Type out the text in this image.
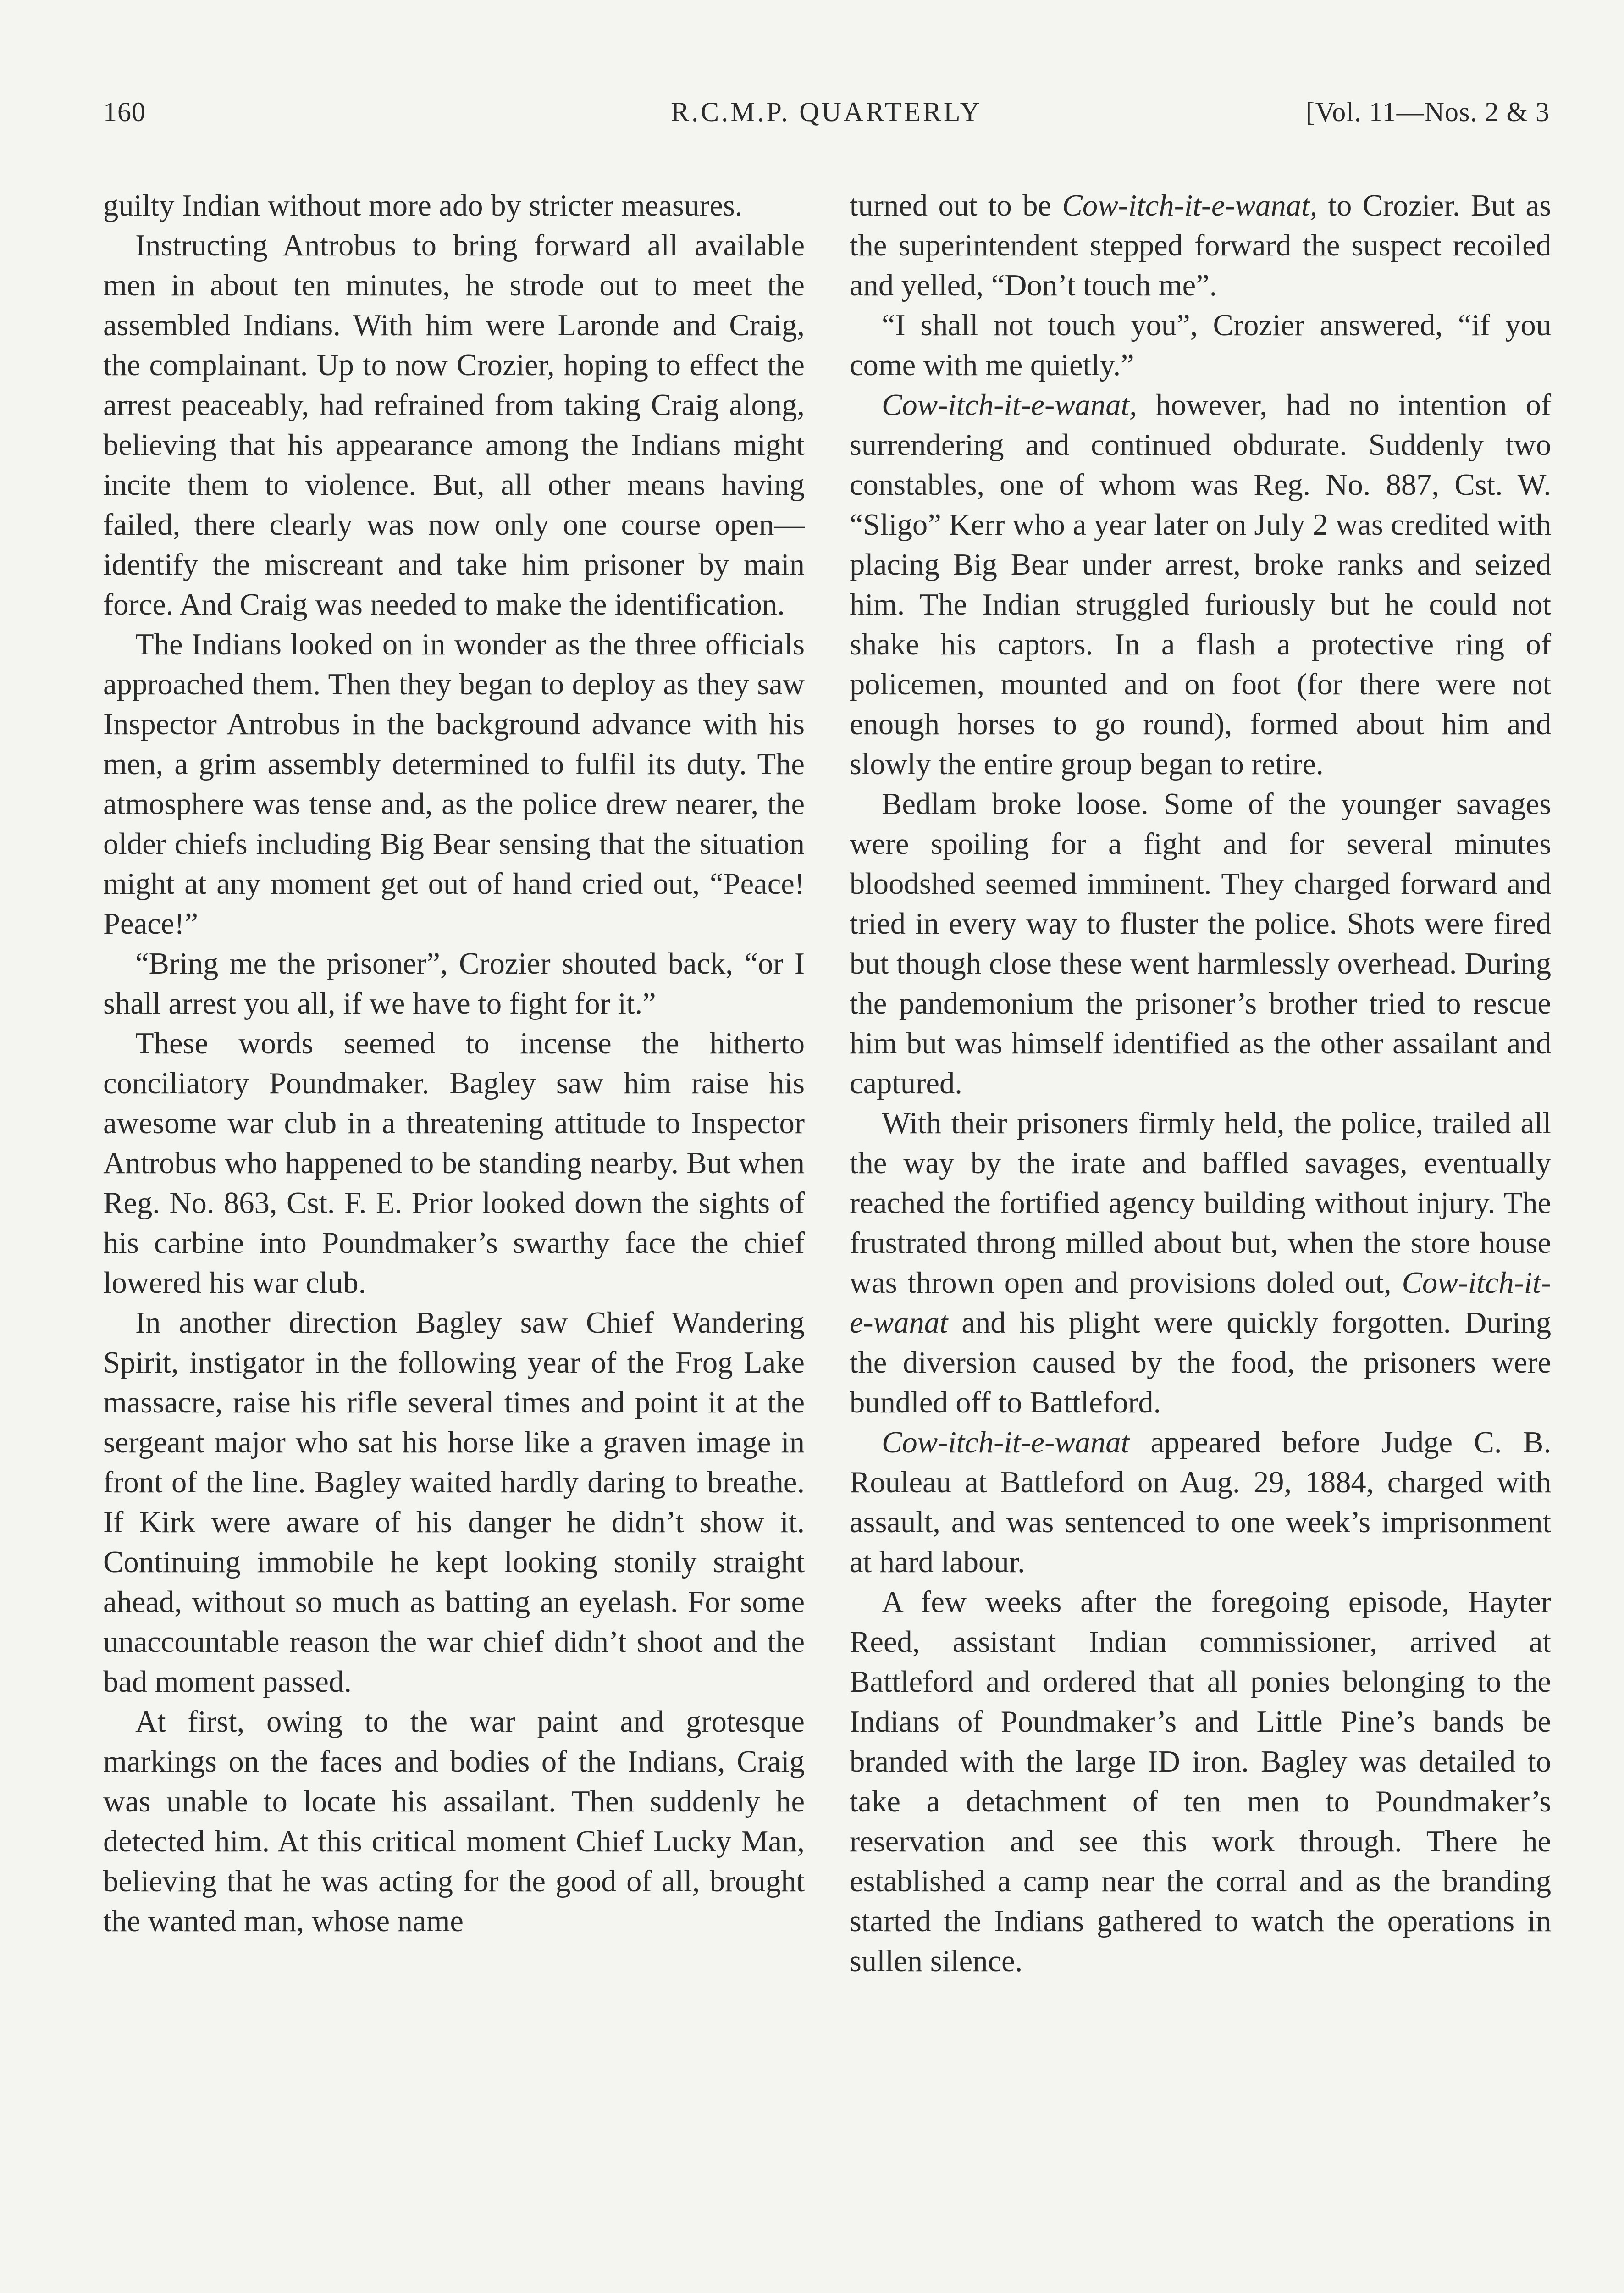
160	R.C.M.P. QUARTERLY	[Vol. 11—Nos. 2 & 3

guilty Indian without more ado by stricter measures.

Instructing Antrobus to bring forward all available men in about ten minutes, he strode out to meet the assembled Indians. With him were Laronde and Craig, the complainant. Up to now Crozier, hoping to effect the arrest peaceably, had refrained from taking Craig along, believing that his appearance among the Indians might incite them to violence. But, all other means having failed, there clearly was now only one course open—identify the miscreant and take him prisoner by main force. And Craig was needed to make the identification.

The Indians looked on in wonder as the three officials approached them. Then they began to deploy as they saw Inspector Antrobus in the background advance with his men, a grim assembly determined to fulfil its duty. The atmosphere was tense and, as the police drew nearer, the older chiefs including Big Bear sensing that the situation might at any moment get out of hand cried out, “Peace! Peace!”

“Bring me the prisoner”, Crozier shouted back, “or I shall arrest you all, if we have to fight for it.”

These words seemed to incense the hitherto conciliatory Poundmaker. Bagley saw him raise his awesome war club in a threatening attitude to Inspector Antrobus who happened to be standing nearby. But when Reg. No. 863, Cst. F. E. Prior looked down the sights of his carbine into Poundmaker’s swarthy face the chief lowered his war club.

In another direction Bagley saw Chief Wandering Spirit, instigator in the following year of the Frog Lake massacre, raise his rifle several times and point it at the sergeant major who sat his horse like a graven image in front of the line. Bagley waited hardly daring to breathe. If Kirk were aware of his danger he didn’t show it. Continuing immobile he kept looking stonily straight ahead, without so much as batting an eyelash. For some unaccountable reason the war chief didn’t shoot and the bad moment passed.

At first, owing to the war paint and grotesque markings on the faces and bodies of the Indians, Craig was unable to locate his assailant. Then suddenly he detected him. At this critical moment Chief Lucky Man, believing that he was acting for the good of all, brought the wanted man, whose name

turned out to be Cow-itch-it-e-wanat, to Crozier. But as the superintendent stepped forward the suspect recoiled and yelled, “Don’t touch me”.

“I shall not touch you”, Crozier answered, “if you come with me quietly.”

Cow-itch-it-e-wanat, however, had no intention of surrendering and continued obdurate. Suddenly two constables, one of whom was Reg. No. 887, Cst. W. “Sligo” Kerr who a year later on July 2 was credited with placing Big Bear under arrest, broke ranks and seized him. The Indian struggled furiously but he could not shake his captors. In a flash a protective ring of policemen, mounted and on foot (for there were not enough horses to go round), formed about him and slowly the entire group began to retire.

Bedlam broke loose. Some of the younger savages were spoiling for a fight and for several minutes bloodshed seemed imminent. They charged forward and tried in every way to fluster the police. Shots were fired but though close these went harmlessly overhead. During the pandemonium the prisoner’s brother tried to rescue him but was himself identified as the other assailant and captured.

With their prisoners firmly held, the police, trailed all the way by the irate and baffled savages, eventually reached the fortified agency building without injury. The frustrated throng milled about but, when the store house was thrown open and provisions doled out, Cow-itch-it-e-wanat and his plight were quickly forgotten. During the diversion caused by the food, the prisoners were bundled off to Battleford.

Cow-itch-it-e-wanat appeared before Judge C. B. Rouleau at Battleford on Aug. 29, 1884, charged with assault, and was sentenced to one week’s imprisonment at hard labour.

A few weeks after the foregoing episode, Hayter Reed, assistant Indian commissioner, arrived at Battleford and ordered that all ponies belonging to the Indians of Poundmaker’s and Little Pine’s bands be branded with the large ID iron. Bagley was detailed to take a detachment of ten men to Poundmaker’s reservation and see this work through. There he established a camp near the corral and as the branding started the Indians gathered to watch the operations in sullen silence.
